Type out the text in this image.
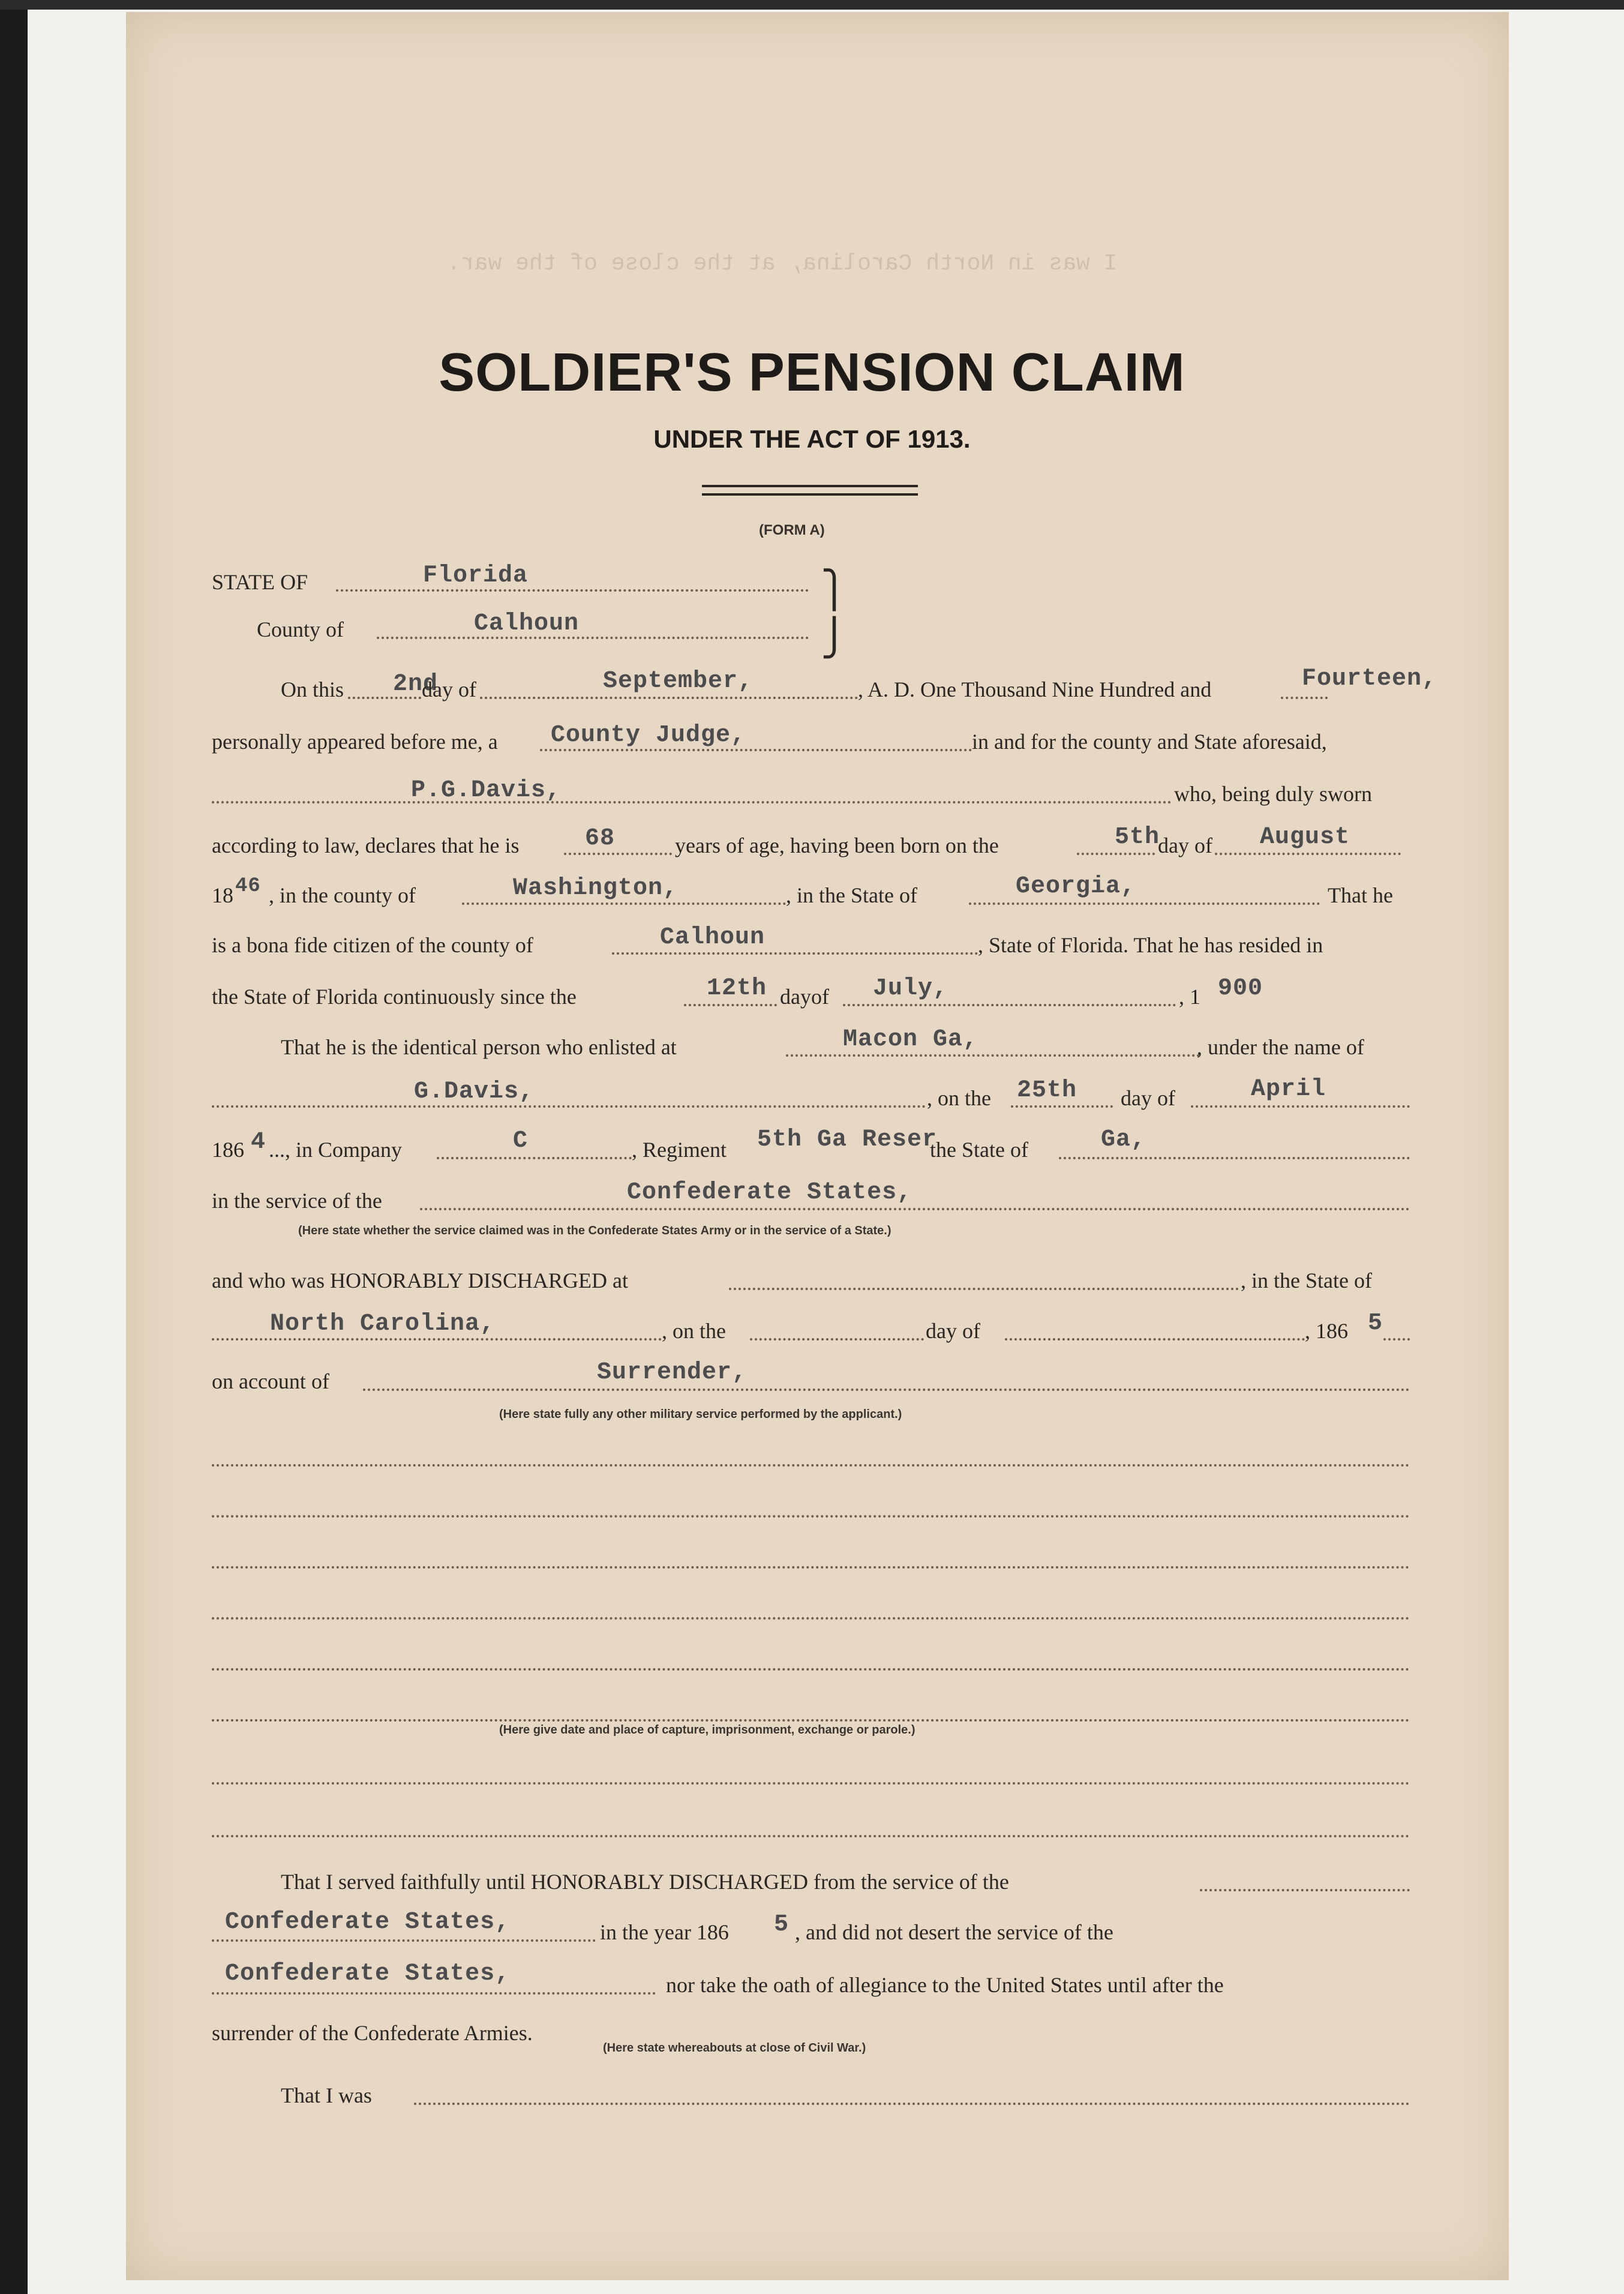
I was in North Carolina, at the close of the war.
SOLDIER'S PENSION CLAIM
UNDER THE ACT OF 1913.
(FORM A)
STATE OF	Florida	⎫
County of	Calhoun	⎭
On this 2nd
day of	September,	, A. D. One Thousand Nine Hundred and	Fourteen,
personally appeared before me, a County Judge,	in and for the county and State aforesaid,
P.G.Davis,	who, being duly sworn
according to law, declares that he is	68	years of age, having been born on the	5th
day of August
18 46 , in the county of	Washington,	, in the State of	Georgia,	That he
is a bona fide citizen of the county of	Calhoun	, State of Florida. That he has resided in
the State of Florida continuously since the	12th dayof July,	, 1 900
That he is the identical person who enlisted at	Macon Ga,	, under the name of
G.Davis,	, on the 25th day of	April
186 4 ..., in Company	C	, Regiment 5th Ga Reser
the State of	Ga,
in the service of the	Confederate States,
(Here state whether the service claimed was in the Confederate States Army or in the service of a State.)
and who was HONORABLY DISCHARGED at	, in the State of
North Carolina,	, on the	day of	, 186 5
on account of	Surrender,
(Here state fully any other military service performed by the applicant.)
(Here give date and place of capture, imprisonment, exchange or parole.)
That I served faithfully until HONORABLY DISCHARGED from the service of the
Confederate States,	in the year 186 5 , and did not desert the service of the
Confederate States,	nor take the oath of allegiance to the United States until after the
surrender of the Confederate Armies.
(Here state whereabouts at close of Civil War.)
That I was
